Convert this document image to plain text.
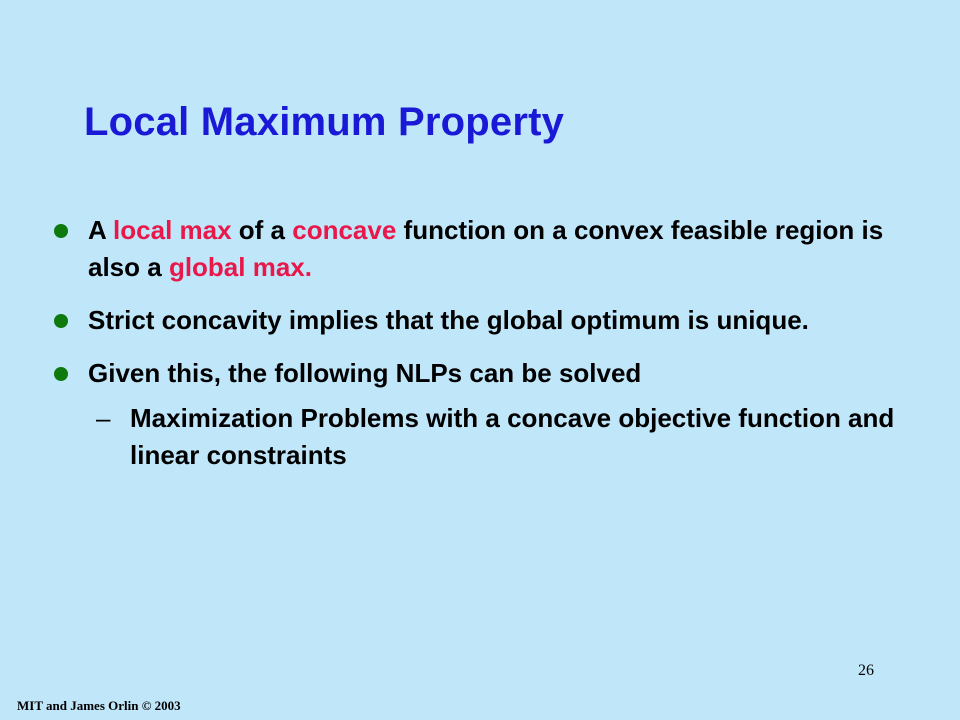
Local Maximum Property
A local max of a concave function on a convex feasible region is also a global max.
Strict concavity implies that the global optimum is unique.
Given this, the following NLPs can be solved
– Maximization Problems with a concave objective function and linear constraints
26
MIT and James Orlin © 2003
